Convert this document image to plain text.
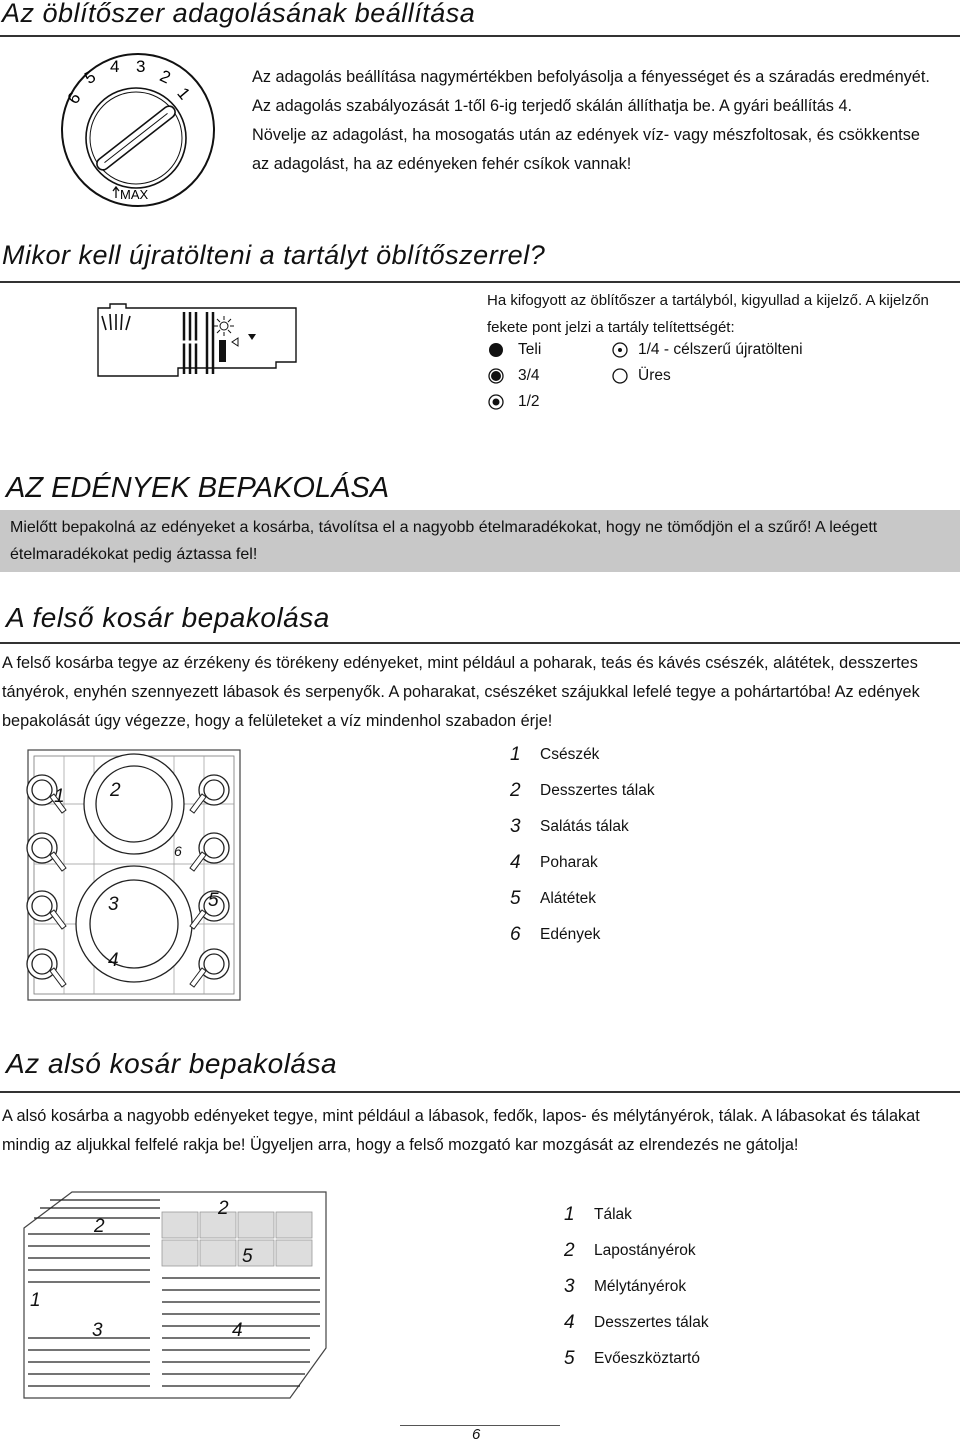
Az öblítőszer adagolásának beállítása
6
5
4 3 2
1
MAX
Az adagolás beállítása nagymértékben befolyásolja a fényességet és a száradás eredményét.
Az adagolás szabályozását 1-től 6-ig terjedő skálán állíthatja be. A gyári beállítás 4.
Növelje az adagolást, ha mosogatás után az edények víz- vagy mészfoltosak, és csökkentse
az adagolást, ha az edényeken fehér csíkok vannak!
Mikor kell újratölteni a tartályt öblítőszerrel?
Ha kifogyott az öblítőszer a tartályból, kigyullad a kijelző. A kijelzőn
fekete pont jelzi a tartály telítettségét:
Teli	1/4 - célszerű újratölteni
3/4	Üres
1/2
AZ EDÉNYEK BEPAKOLÁSA
Mielőtt bepakolná az edényeket a kosárba, távolítsa el a nagyobb ételmaradékokat, hogy ne tömődjön el a szűrő! A leégett
ételmaradékokat pedig áztassa fel!
A felső kosár bepakolása
A felső kosárba tegye az érzékeny és törékeny edényeket, mint például a poharak, teás és kávés csészék, alátétek, desszertes
tányérok, enyhén szennyezett lábasok és serpenyők. A poharakat, csészéket szájukkal lefelé tegye a pohártartóba! Az edények
bepakolását úgy végezze, hogy a felületeket a víz mindenhol szabadon érje!
1 2
6
3	5
4
1	Csészék
2	Desszertes tálak
3	Salátás tálak
4	Poharak
5	Alátétek
6	Edények
Az alsó kosár bepakolása
A alsó kosárba a nagyobb edényeket tegye, mint például a lábasok, fedők, lapos- és mélytányérok, tálak. A lábasokat és tálakat
mindig az aljukkal felfelé rakja be! Ügyeljen arra, hogy a felső mozgató kar mozgását az elrendezés ne gátolja!
2
2
5
1
3	4
1	Tálak
2	Lapostányérok
3	Mélytányérok
4	Desszertes tálak
5	Evőeszköztartó
6
